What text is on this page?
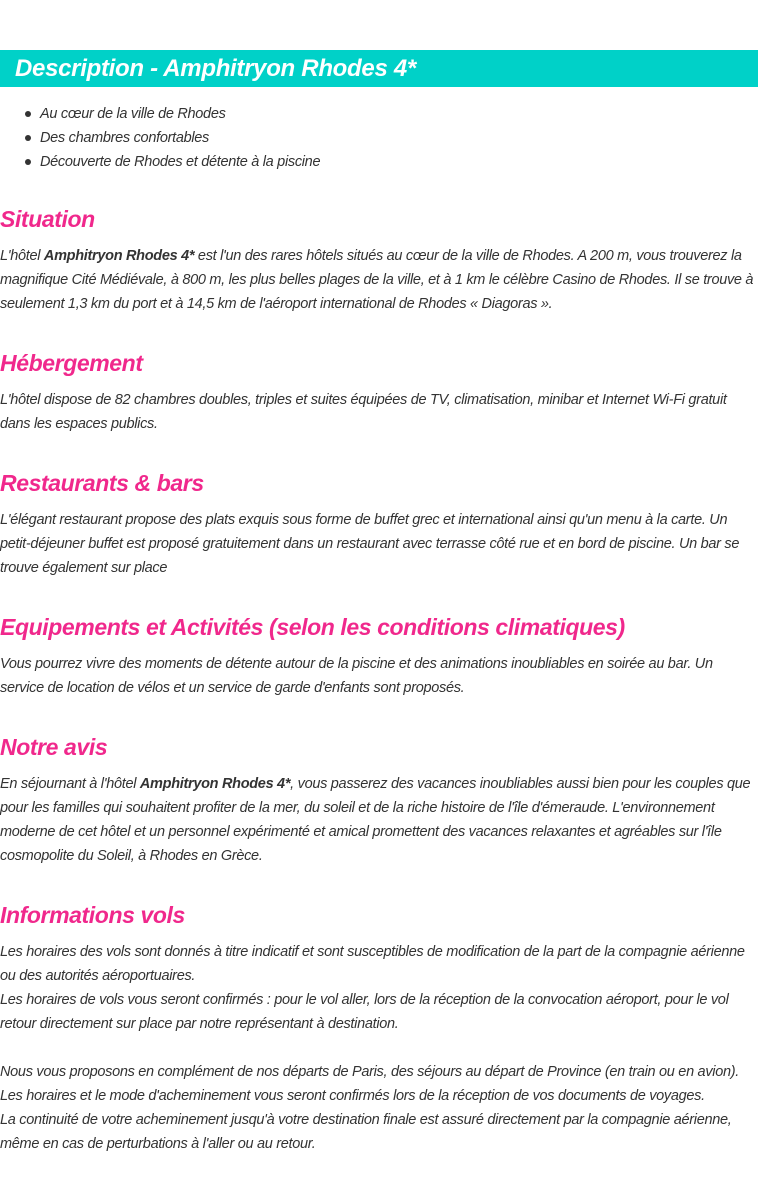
Description - Amphitryon Rhodes 4*
Au cœur de la ville de Rhodes
Des chambres confortables
Découverte de Rhodes et détente à la piscine
Situation

L'hôtel Amphitryon Rhodes 4* est l'un des rares hôtels situés au cœur de la ville de Rhodes. A 200 m, vous trouverez la magnifique Cité Médiévale, à 800 m, les plus belles plages de la ville, et à 1 km le célèbre Casino de Rhodes. Il se trouve à seulement 1,3 km du port et à 14,5 km de l'aéroport international de Rhodes « Diagoras ».

Hébergement

L'hôtel dispose de 82 chambres doubles, triples et suites équipées de TV, climatisation, minibar et Internet Wi-Fi gratuit dans les espaces publics.

Restaurants & bars

L'élégant restaurant propose des plats exquis sous forme de buffet grec et international ainsi qu'un menu à la carte. Un petit-déjeuner buffet est proposé gratuitement dans un restaurant avec terrasse côté rue et en bord de piscine. Un bar se trouve également sur place

Equipements et Activités (selon les conditions climatiques)

Vous pourrez vivre des moments de détente autour de la piscine et des animations inoubliables en soirée au bar. Un service de location de vélos et un service de garde d'enfants sont proposés.

Notre avis

En séjournant à l'hôtel Amphitryon Rhodes 4*, vous passerez des vacances inoubliables aussi bien pour les couples que pour les familles qui souhaitent profiter de la mer, du soleil et de la riche histoire de l'île d'émeraude. L'environnement moderne de cet hôtel et un personnel expérimenté et amical promettent des vacances relaxantes et agréables sur l'île cosmopolite du Soleil, à Rhodes en Grèce.

Informations vols

Les horaires des vols sont donnés à titre indicatif et sont susceptibles de modification de la part de la compagnie aérienne ou des autorités aéroportuaires.

Les horaires de vols vous seront confirmés : pour le vol aller, lors de la réception de la convocation aéroport, pour le vol retour directement sur place par notre représentant à destination.

Nous vous proposons en complément de nos départs de Paris, des séjours au départ de Province (en train ou en avion).

Les horaires et le mode d'acheminement vous seront confirmés lors de la réception de vos documents de voyages.

La continuité de votre acheminement jusqu'à votre destination finale est assuré directement par la compagnie aérienne, même en cas de perturbations à l'aller ou au retour.
